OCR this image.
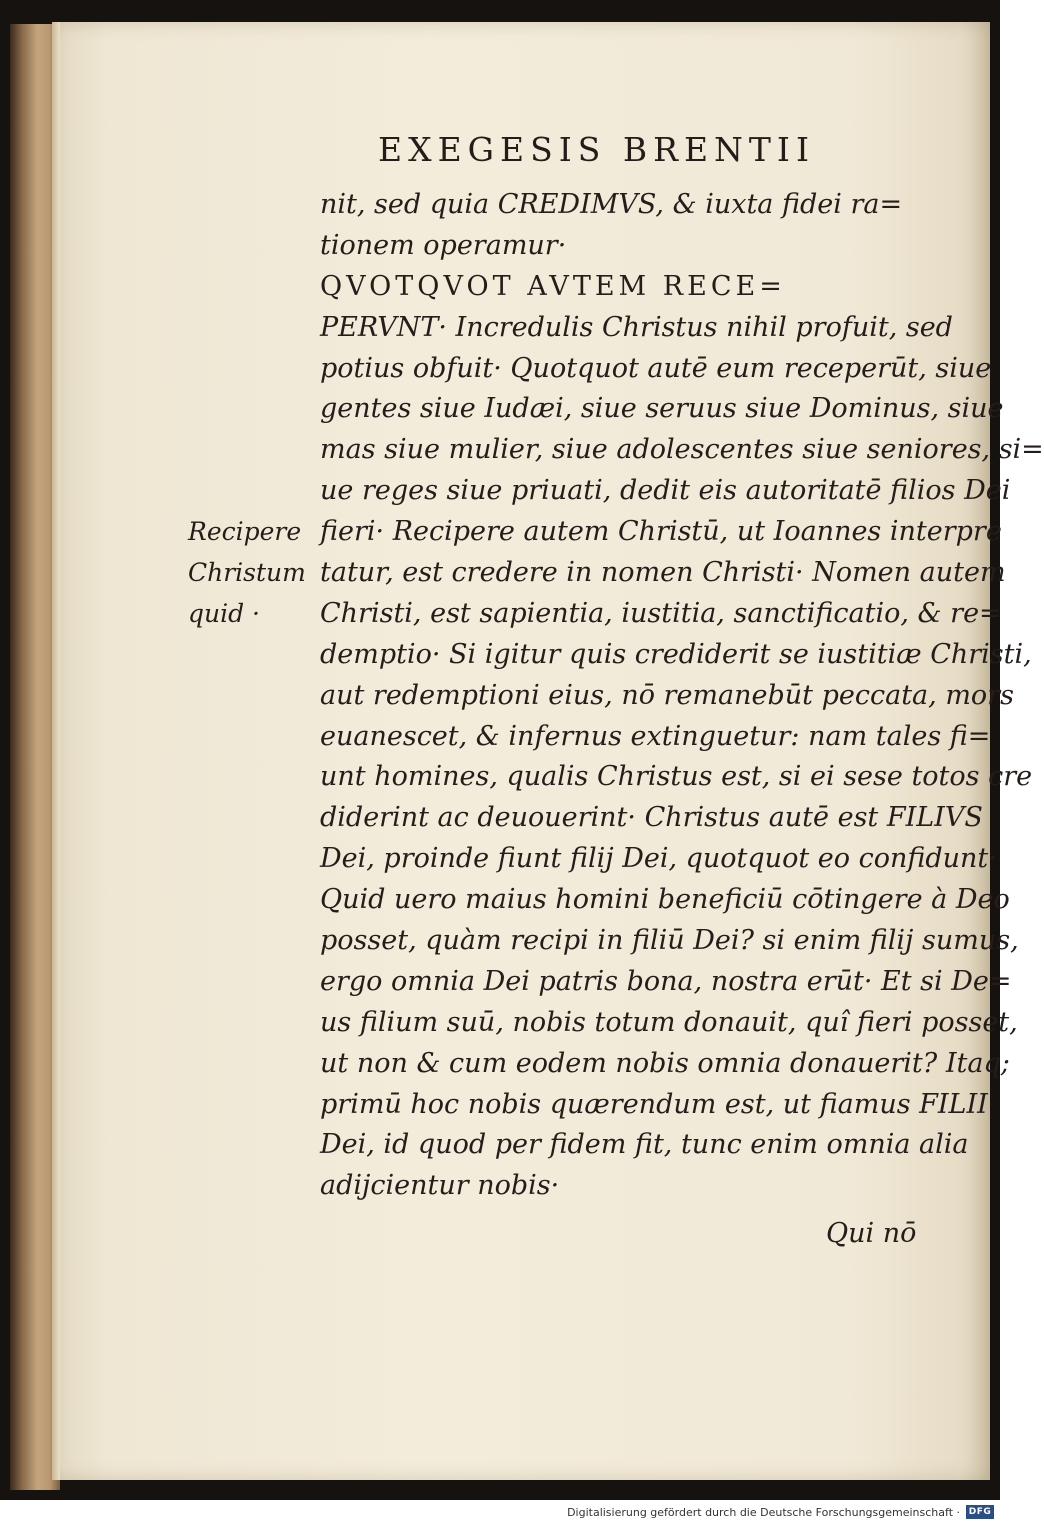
EXEGESIS BRENTII
Recipere
Christum
quid ·
nit, sed quia CREDIMVS, & iuxta fidei ra=
tionem operamur·
QVOTQVOT AVTEM RECE=
PERVNT· Incredulis Christus nihil profuit, sed
potius obfuit· Quotquot autē eum receperūt, siue
gentes siue Iudæi, siue seruus siue Dominus, siue
mas siue mulier, siue adolescentes siue seniores, si=
ue reges siue priuati, dedit eis autoritatē filios Dei
fieri· Recipere autem Christū, ut Ioannes interpre
tatur, est credere in nomen Christi· Nomen autem
Christi, est sapientia, iustitia, sanctificatio, & re=
demptio· Si igitur quis crediderit se iustitiæ Christi,
aut redemptioni eius, nō remanebūt peccata, mors
euanescet, & infernus extinguetur: nam tales fi=
unt homines, qualis Christus est, si ei sese totos cre
diderint ac deuouerint· Christus autē est FILIVS
Dei, proinde fiunt filij Dei, quotquot eo confidunt·
Quid uero maius homini beneficiū cōtingere à Deo
posset, quàm recipi in filiū Dei? si enim filij sumus,
ergo omnia Dei patris bona, nostra erūt· Et si De=
us filium suū, nobis totum donauit, quî fieri posset,
ut non & cum eodem nobis omnia donauerit? Itaq;
primū hoc nobis quærendum est, ut fiamus FILII
Dei, id quod per fidem fit, tunc enim omnia alia
adijcientur nobis·
Qui nō
Digitalisierung gefördert durch die Deutsche Forschungsgemeinschaft · DFG
